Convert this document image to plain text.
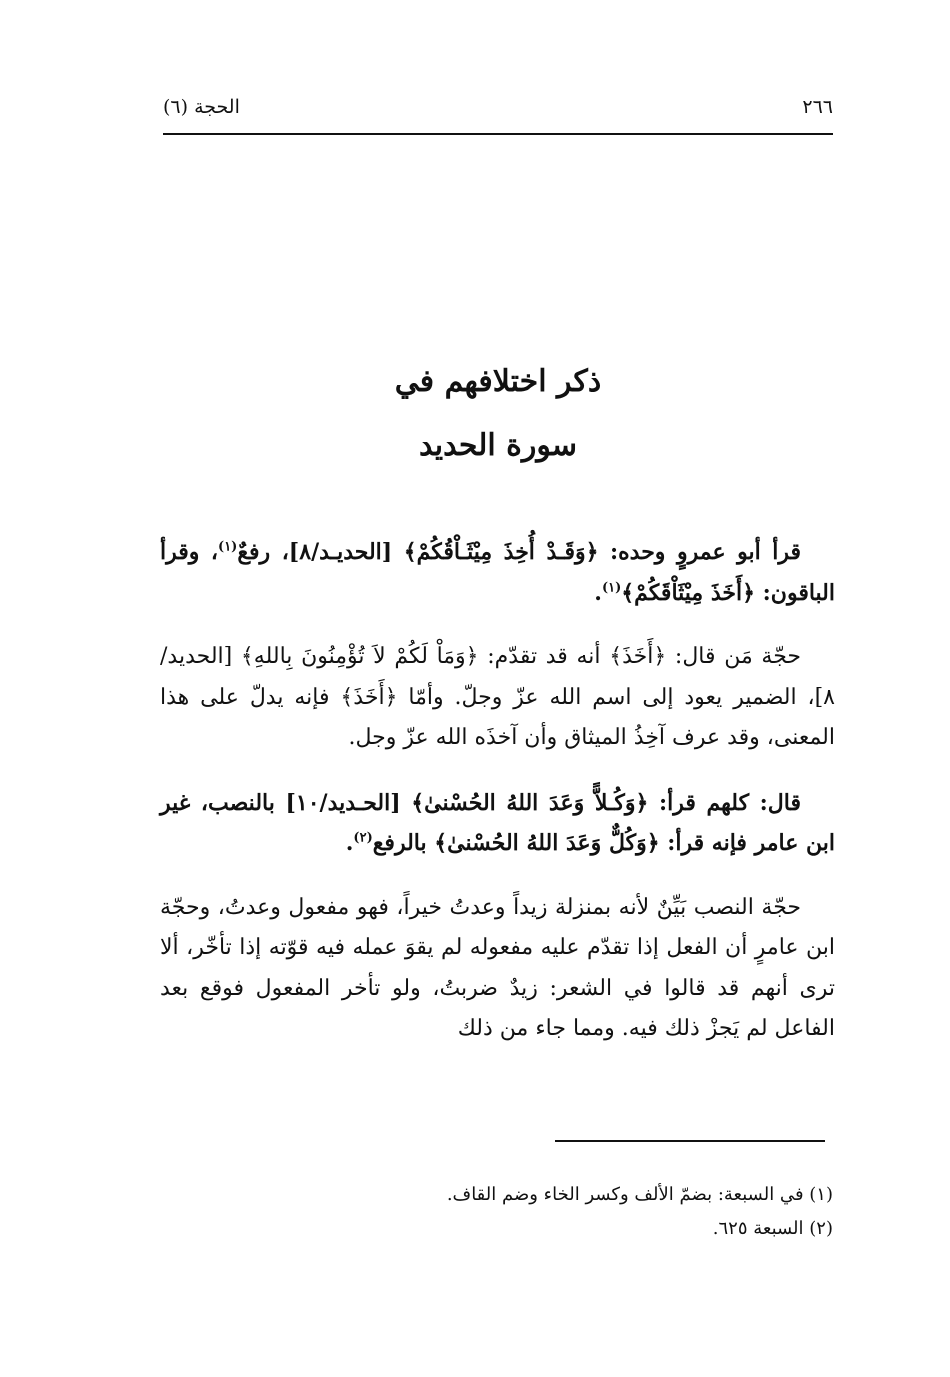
٢٦٦
الحجة (٦)
ذكر اختلافهم في
سورة الحديد

قرأ أبو عمروٍ وحده: ﴿وَقَـدْ أُخِذَ مِيْثَـاْقُكُمْ﴾ [الحديـد/٨]، رفعٌ$^{(١)}$، وقرأ الباقون: ﴿أَخَذَ مِيْثَاْقَكُمْ﴾$^{(١)}$.

حجّة مَن قال: ﴿أَخَذَ﴾ أنه قد تقدّم: ﴿وَمَاْ لَكُمْ لاَ تُؤْمِنُونَ بِاللهِ﴾ [الحديد/٨]، الضمير يعود إلى اسم الله عزّ وجلّ. وأمّا ﴿أَخَذَ﴾ فإنه يدلّ على هذا المعنى، وقد عرف آخِذُ الميثاق وأن آخذَه الله عزّ وجل.

قال: كلهم قرأ: ﴿وَكُـلاًّ وَعَدَ اللهُ الحُسْنىٰ﴾ [الحـديد/١٠] بالنصب، غير ابن عامر فإنه قرأ: ﴿وَكُلٌّ وَعَدَ اللهُ الحُسْنىٰ﴾ بالرفع$^{(٢)}$.

حجّة النصب بَيِّنٌ لأنه بمنزلة زيداً وعدتُ خيراً، فهو مفعول وعدتُ، وحجّة ابن عامرٍ أن الفعل إذا تقدّم عليه مفعوله لم يقوَ عمله فيه قوّته إذا تأخّر، ألا ترى أنهم قد قالوا في الشعر: زيدٌ ضربتُ، ولو تأخر المفعول فوقع بعد الفاعل لم يَجزْ ذلك فيه. ومما جاء من ذلك

(١) في السبعة: بضمّ الألف وكسر الخاء وضم القاف.
(٢) السبعة ٦٢٥.
